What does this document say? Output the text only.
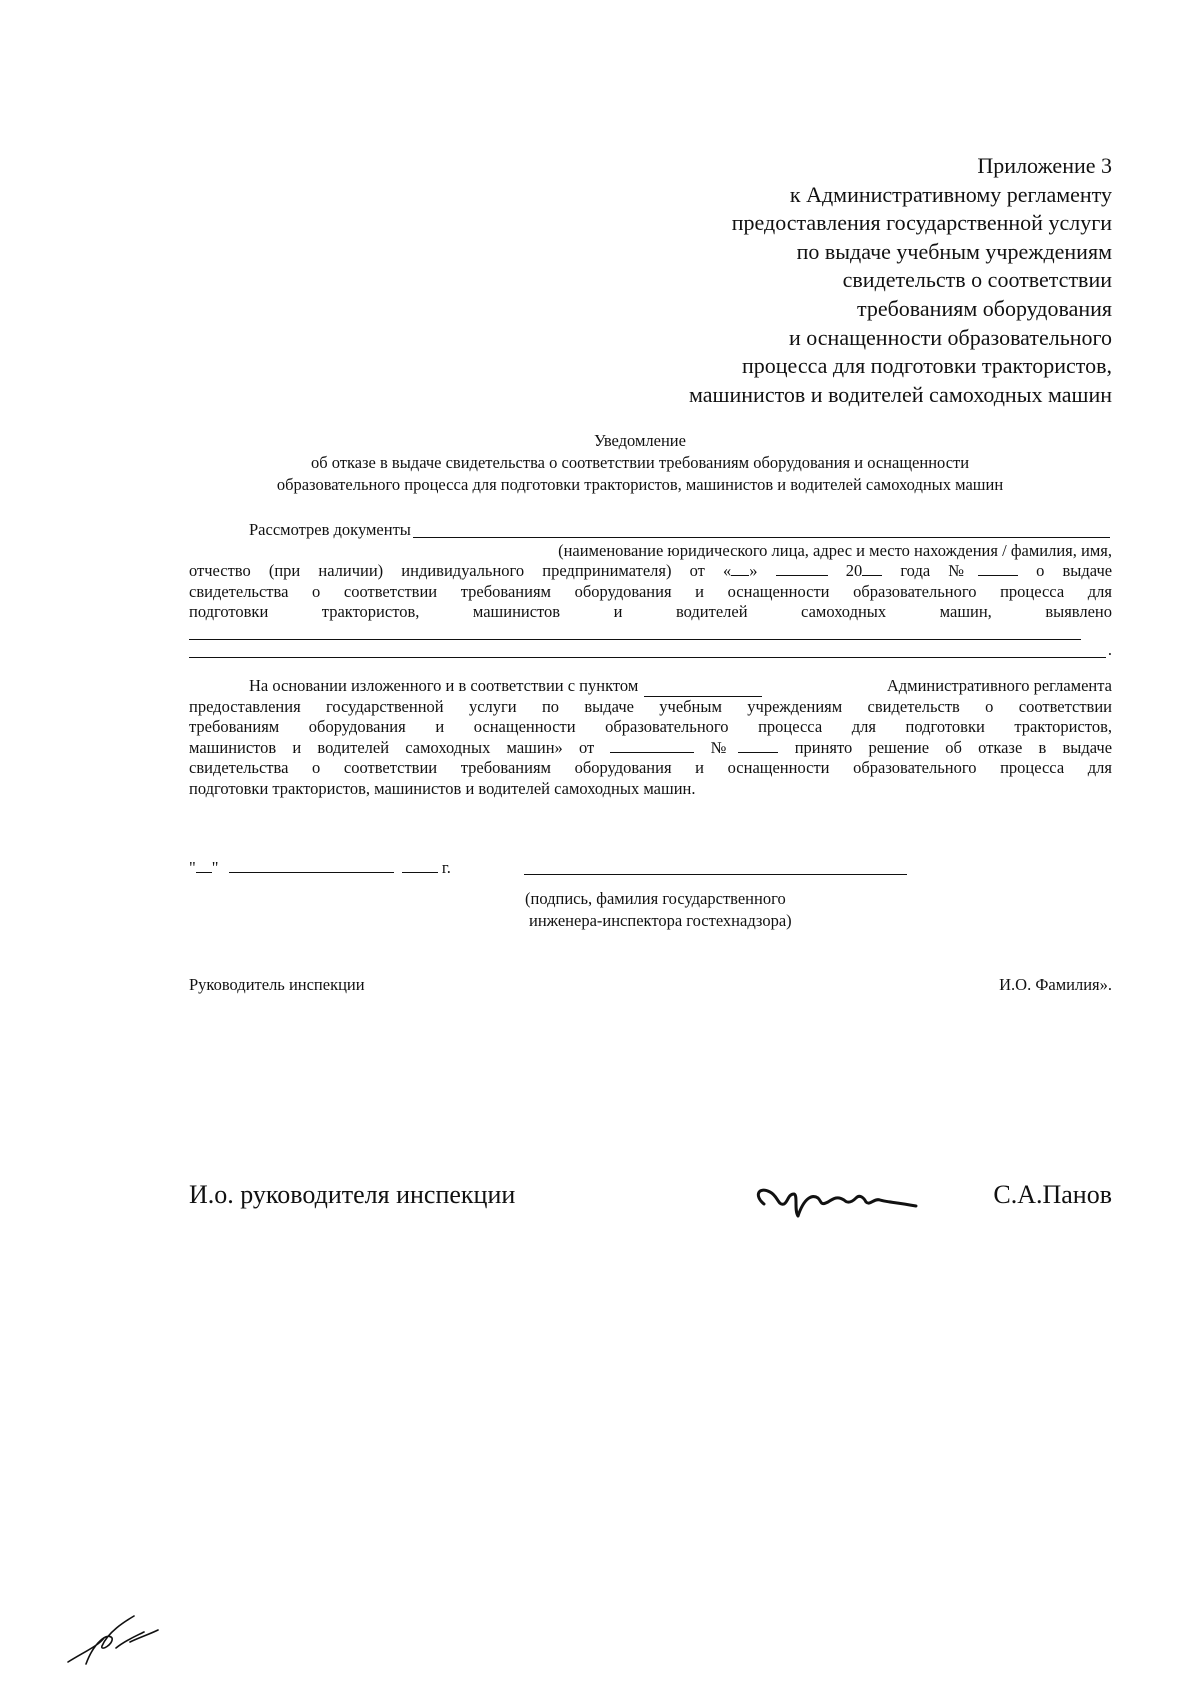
Приложение 3
к Административному регламенту
предоставления государственной услуги
по выдаче учебным учреждениям
свидетельств о соответствии
требованиям оборудования
и оснащенности образовательного
процесса для подготовки трактористов,
машинистов и водителей самоходных машин
Уведомление
об отказе в выдаче свидетельства о соответствии требованиям оборудования и оснащенности
образовательного процесса для подготовки трактористов, машинистов и водителей самоходных машин
Рассмотрев документы
(наименование юридического лица, адрес и место нахождения / фамилия, имя,
отчество (при наличии) индивидуального предпринимателя) от « »	20 года №	о выдаче
свидетельства о соответствии требованиям оборудования и оснащенности образовательного процесса для
подготовки трактористов, машинистов и водителей самоходных машин, выявлено
.
На основании изложенного и в соответствии с пунктом	Административного регламента
предоставления государственной услуги по выдаче учебным учреждениям свидетельств о соответствии
требованиям оборудования и оснащенности образовательного процесса для подготовки трактористов,
машинистов и водителей самоходных машин» от	№	принято решение об отказе в выдаче
свидетельства о соответствии требованиям оборудования и оснащенности образовательного процесса для
подготовки трактористов, машинистов и водителей самоходных машин.
" "	г.
(подпись, фамилия государственного
инженера-инспектора гостехнадзора)
Руководитель инспекции	И.О. Фамилия».
И.о. руководителя инспекции	С.А.Панов
